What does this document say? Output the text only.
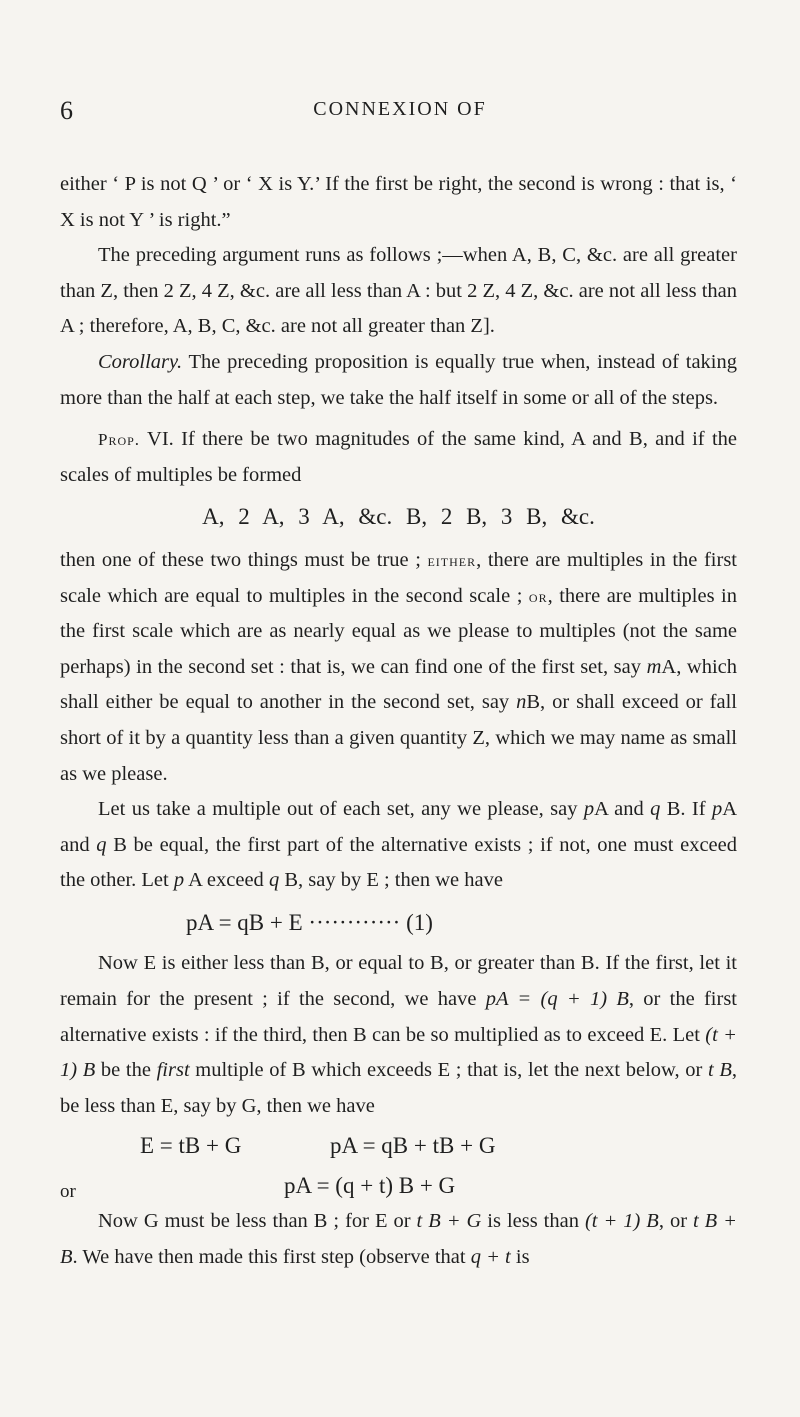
6	CONNEXION OF

either ‘ P is not Q ’ or ‘ X is Y.’ If the first be right, the second is wrong : that is, ‘ X is not Y ’ is right.”

The preceding argument runs as follows ;—when A, B, C, &c. are all greater than Z, then 2 Z, 4 Z, &c. are all less than A : but 2 Z, 4 Z, &c. are not all less than A ; therefore, A, B, C, &c. are not all greater than Z].

Corollary. The preceding proposition is equally true when, instead of taking more than the half at each step, we take the half itself in some or all of the steps.

Prop. VI. If there be two magnitudes of the same kind, A and B, and if the scales of multiples be formed

A, 2 A, 3 A, &c. B, 2 B, 3 B, &c.

then one of these two things must be true ; either, there are multiples in the first scale which are equal to multiples in the second scale ; or, there are multiples in the first scale which are as nearly equal as we please to multiples (not the same perhaps) in the second set : that is, we can find one of the first set, say mA, which shall either be equal to another in the second set, say nB, or shall exceed or fall short of it by a quantity less than a given quantity Z, which we may name as small as we please.

Let us take a multiple out of each set, any we please, say pA and q B. If pA and q B be equal, the first part of the alternative exists ; if not, one must exceed the other. Let p A exceed q B, say by E ; then we have

pA = qB + E ············ (1)

Now E is either less than B, or equal to B, or greater than B. If the first, let it remain for the present ; if the second, we have pA = (q + 1) B, or the first alternative exists : if the third, then B can be so multiplied as to exceed E. Let (t + 1) B be the first multiple of B which exceeds E ; that is, let the next below, or t B, be less than E, say by G, then we have

E = tB + G	pA = qB + tB + G
or	pA = (q + t) B + G

Now G must be less than B ; for E or t B + G is less than (t + 1) B, or t B + B. We have then made this first step (observe that q + t is
